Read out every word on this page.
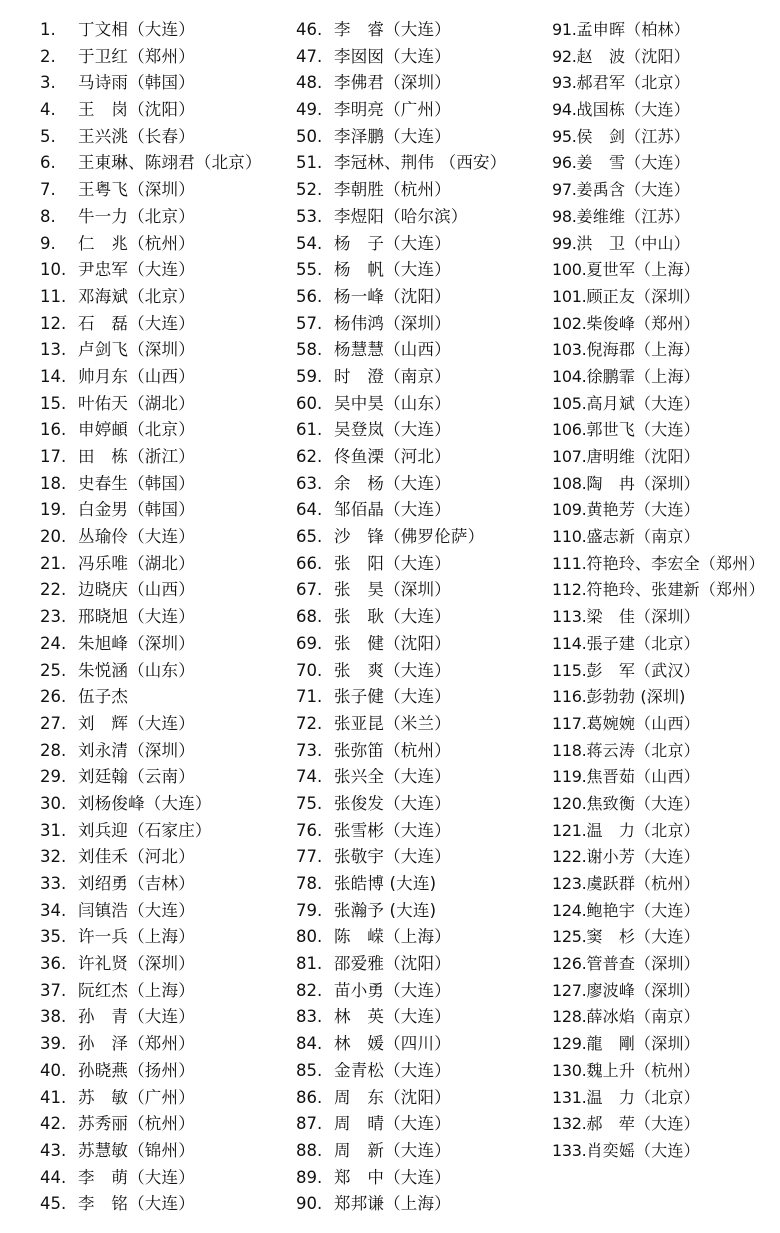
1.	丁文相（大连）
2.	于卫红（郑州）
3.	马诗雨（韩国）
4.	王　岗（沈阳）
5.	王兴洮（长春）
6.	王東琳、陈翊君（北京）
7.	王粤飞（深圳）
8.	牛一力（北京）
9.	仁　兆（杭州）
10. 尹忠军（大连）
11. 邓海斌（北京）
12. 石　磊（大连）
13. 卢剑飞（深圳）
14. 帅月东（山西）
15. 叶佑天（湖北）
16. 申婷頔（北京）
17. 田　栋（浙江）
18. 史春生（韩国）
19. 白金男（韩国）
20. 丛瑜伶（大连）
21. 冯乐唯（湖北）
22. 边晓庆（山西）
23. 邢晓旭（大连）
24. 朱旭峰（深圳）
25. 朱悦涵（山东）
26. 伍子杰
27. 刘　辉（大连）
28. 刘永清（深圳）
29. 刘廷翰（云南）
30. 刘杨俊峰（大连）
31. 刘兵迎（石家庄）
32. 刘佳禾（河北）
33. 刘绍勇（吉林）
34. 闫镇浩（大连）
35. 许一兵（上海）
36. 许礼贤（深圳）
37. 阮红杰（上海）
38. 孙　青（大连）
39. 孙　泽（郑州）
40. 孙晓燕（扬州）
41. 苏　敏（广州）
42. 苏秀丽（杭州）
43. 苏慧敏（锦州）
44. 李　萌（大连）
45. 李　铭（大连）
46. 李　睿（大连）
47. 李囡囡（大连）
48. 李佛君（深圳）
49. 李明亮（广州）
50. 李泽鹏（大连）
51. 李冠林、荆伟 （西安）
52. 李朝胜（杭州）
53. 李煜阳（哈尔滨）
54. 杨　子（大连）
55. 杨　帆（大连）
56. 杨一峰（沈阳）
57. 杨伟鸿（深圳）
58. 杨慧慧（山西）
59. 时　澄（南京）
60. 吴中昊（山东）
61. 吴登岚（大连）
62. 佟鱼溧（河北）
63. 余　杨（大连）
64. 邹佰晶（大连）
65. 沙　锋（佛罗伦萨）
66. 张　阳（大连）
67. 张　昊（深圳）
68. 张　耿（大连）
69. 张　健（沈阳）
70. 张　爽（大连）
71. 张子健（大连）
72. 张亚昆（米兰）
73. 张弥笛（杭州）
74. 张兴全（大连）
75. 张俊发（大连）
76. 张雪彬（大连）
77. 张敬宇（大连）
78. 张皓博 (大连)
79. 张瀚予 (大连)
80. 陈　嵘（上海）
81. 邵爱雅（沈阳）
82. 苗小勇（大连）
83. 林　英（大连）
84. 林　媛（四川）
85. 金青松（大连）
86. 周　东（沈阳）
87. 周　晴（大连）
88. 周　新（大连）
89. 郑　中（大连）
90. 郑邦谦（上海）
91. 孟申晖（柏林）
92. 赵　波（沈阳）
93. 郝君军（北京）
94. 战国栋（大连）
95. 侯　剑（江苏）
96. 姜　雪（大连）
97. 姜禹含（大连）
98. 姜维维（江苏）
99. 洪　卫（中山）
100. 夏世军（上海）
101. 顾正友（深圳）
102. 柴俊峰（郑州）
103. 倪海郡（上海）
104. 徐鹏霏（上海）
105. 高月斌（大连）
106. 郭世飞（大连）
107. 唐明维（沈阳）
108. 陶　冉（深圳）
109. 黄艳芳（大连）
110. 盛志新（南京）
111. 符艳玲、李宏全（郑州）
112. 符艳玲、张建新（郑州）
113. 梁　佳（深圳）
114. 張子建（北京）
115. 彭　军（武汉）
116. 彭勃勃 (深圳)
117. 葛婉婉（山西）
118. 蒋云涛（北京）
119. 焦晋茹（山西）
120. 焦致衡（大连）
121. 温　力（北京）
122. 谢小芳（大连）
123. 虞跃群（杭州）
124. 鲍艳宇（大连）
125. 窦　杉（大连）
126. 管普查（深圳）
127. 廖波峰（深圳）
128. 薛冰焰（南京）
129. 龍　剛（深圳）
130. 魏上升（杭州）
131. 温　力（北京）
132. 郝　荦（大连）
133. 肖奕媱（大连）
